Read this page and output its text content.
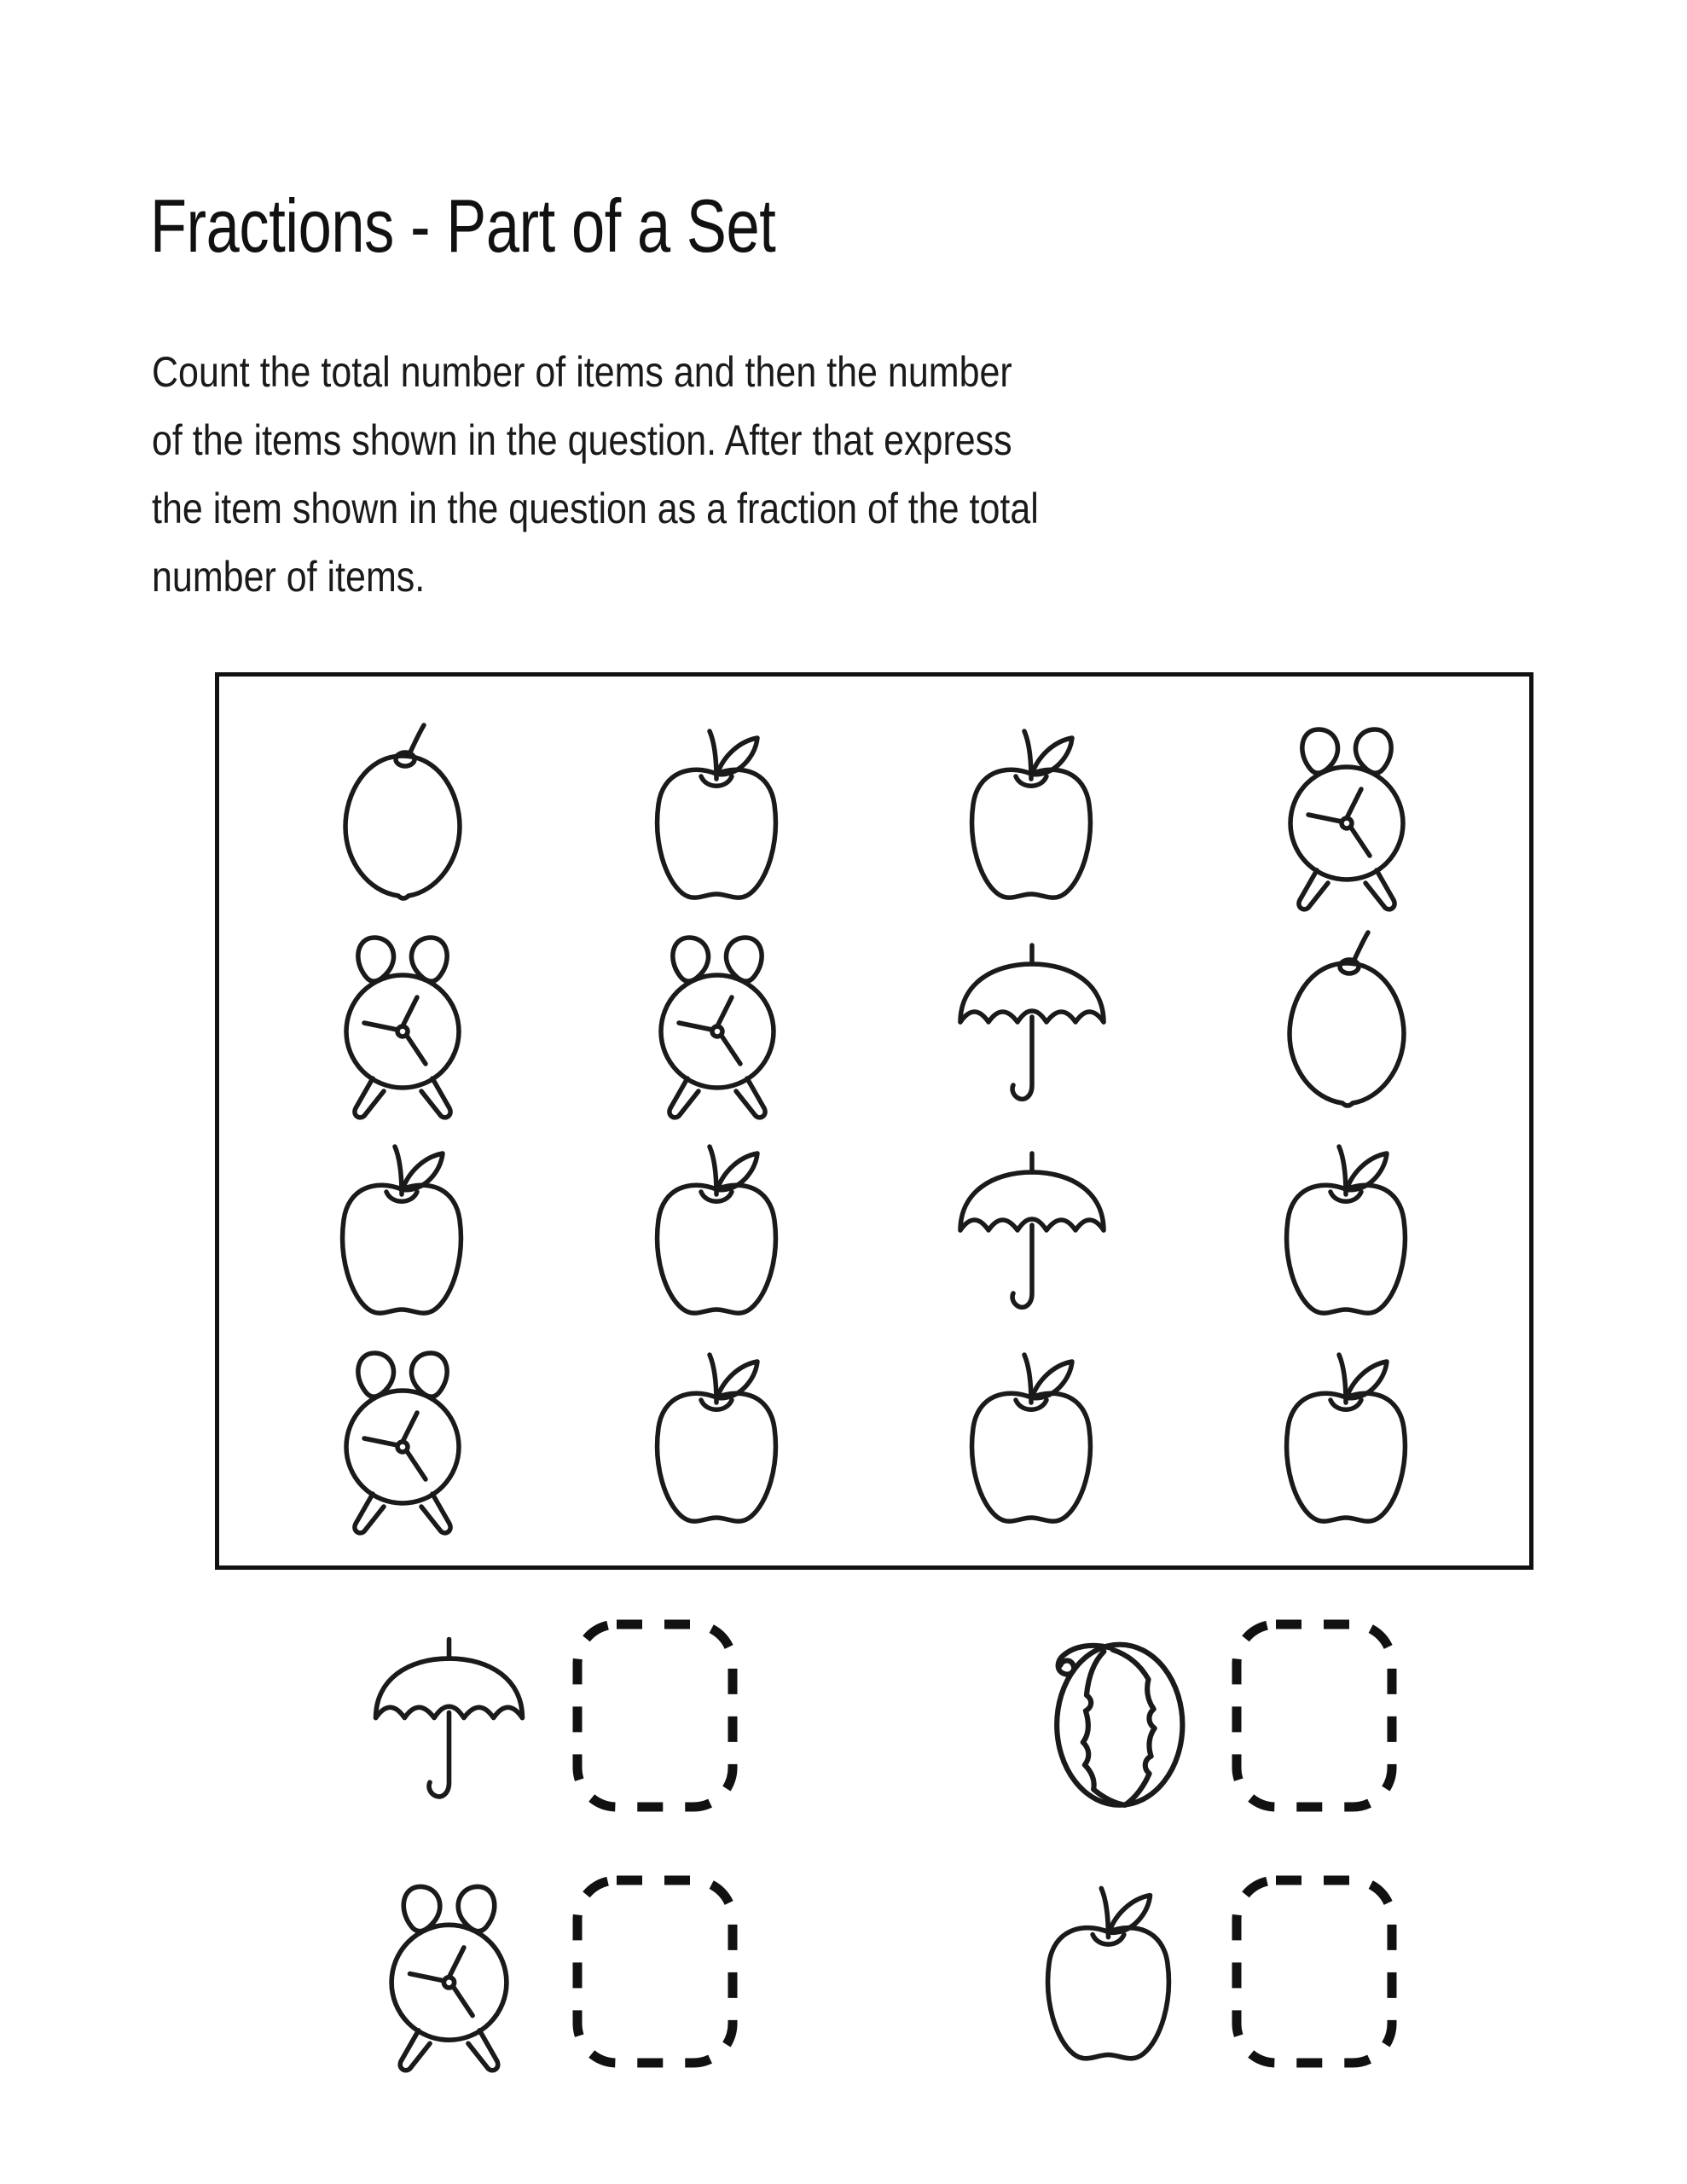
Fractions - Part of a Set

Count the total number of items and then the number of the items shown in the question. After that express the item shown in the question as a fraction of the total number of items.
